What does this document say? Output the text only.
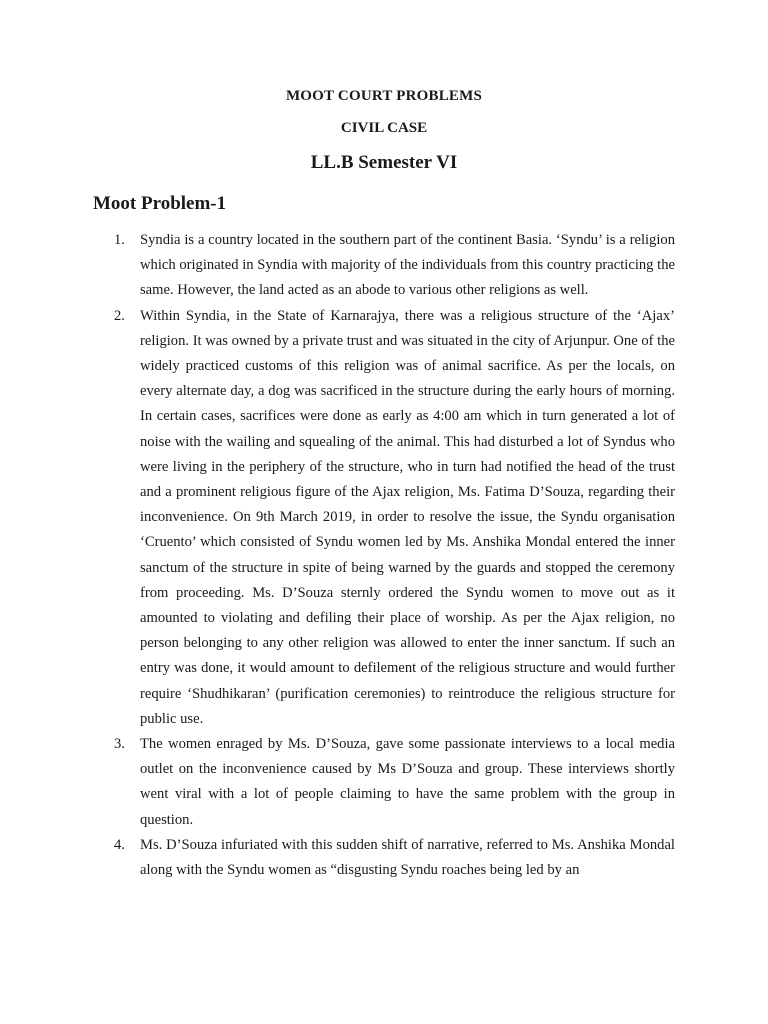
MOOT COURT PROBLEMS
CIVIL CASE
LL.B Semester VI
Moot Problem-1
1. Syndia is a country located in the southern part of the continent Basia. ‘Syndu’ is a religion which originated in Syndia with majority of the individuals from this country practicing the same. However, the land acted as an abode to various other religions as well.
2. Within Syndia, in the State of Karnarajya, there was a religious structure of the ‘Ajax’ religion. It was owned by a private trust and was situated in the city of Arjunpur. One of the widely practiced customs of this religion was of animal sacrifice. As per the locals, on every alternate day, a dog was sacrificed in the structure during the early hours of morning. In certain cases, sacrifices were done as early as 4:00 am which in turn generated a lot of noise with the wailing and squealing of the animal. This had disturbed a lot of Syndus who were living in the periphery of the structure, who in turn had notified the head of the trust and a prominent religious figure of the Ajax religion, Ms. Fatima D’Souza, regarding their inconvenience. On 9th March 2019, in order to resolve the issue, the Syndu organisation ‘Cruento’ which consisted of Syndu women led by Ms. Anshika Mondal entered the inner sanctum of the structure in spite of being warned by the guards and stopped the ceremony from proceeding. Ms. D’Souza sternly ordered the Syndu women to move out as it amounted to violating and defiling their place of worship. As per the Ajax religion, no person belonging to any other religion was allowed to enter the inner sanctum. If such an entry was done, it would amount to defilement of the religious structure and would further require ‘Shudhikaran’ (purification ceremonies) to reintroduce the religious structure for public use.
3. The women enraged by Ms. D’Souza, gave some passionate interviews to a local media outlet on the inconvenience caused by Ms D’Souza and group. These interviews shortly went viral with a lot of people claiming to have the same problem with the group in question.
4. Ms. D’Souza infuriated with this sudden shift of narrative, referred to Ms. Anshika Mondal along with the Syndu women as “disgusting Syndu roaches being led by an
